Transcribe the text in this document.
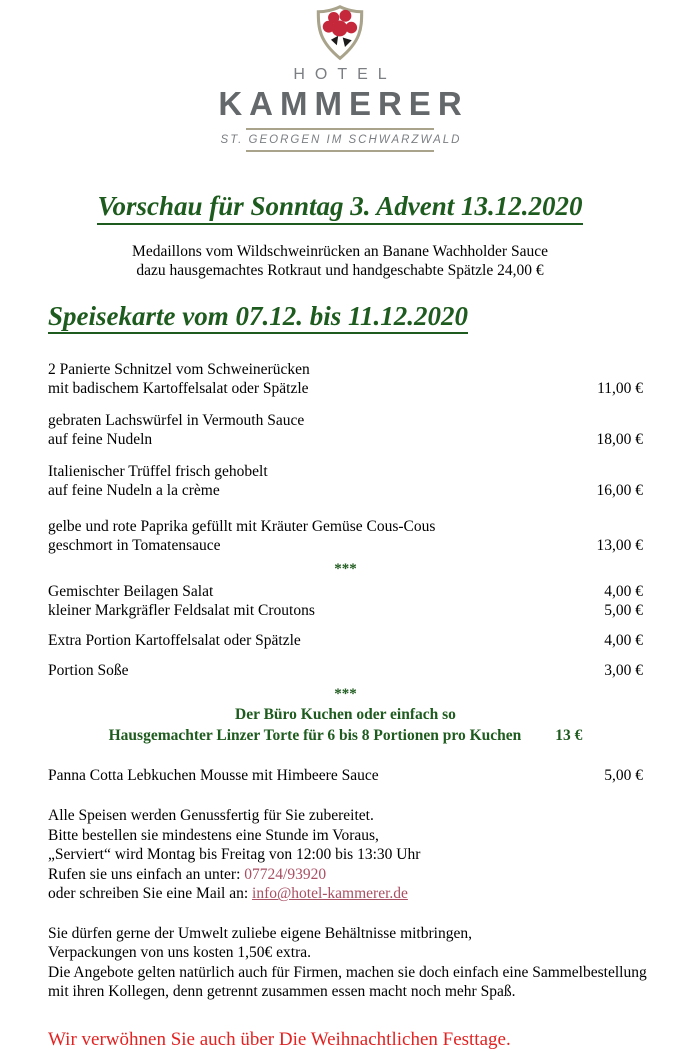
HOTEL
KAMMERER
ST. GEORGEN IM SCHWARZWALD
Vorschau für Sonntag 3. Advent 13.12.2020
Medaillons vom Wildschweinrücken an Banane Wachholder Sauce
dazu hausgemachtes Rotkraut und handgeschabte Spätzle 24,00 €
Speisekarte vom 07.12. bis 11.12.2020
2 Panierte Schnitzel vom Schweinerücken
mit badischem Kartoffelsalat oder Spätzle	11,00 €
gebraten Lachswürfel in Vermouth Sauce
auf feine Nudeln	18,00 €
Italienischer Trüffel frisch gehobelt
auf feine Nudeln a la crème	16,00 €
gelbe und rote Paprika gefüllt mit Kräuter Gemüse Cous-Cous
geschmort in Tomatensauce	13,00 €
***
Gemischter Beilagen Salat	4,00 €
kleiner Markgräfler Feldsalat mit Croutons	5,00 €
Extra Portion Kartoffelsalat oder Spätzle	4,00 €
Portion Soße	3,00 €
***
Der Büro Kuchen oder einfach so
Hausgemachter Linzer Torte für 6 bis 8 Portionen pro Kuchen 13 €
Panna Cotta Lebkuchen Mousse mit Himbeere Sauce	5,00 €
Alle Speisen werden Genussfertig für Sie zubereitet.
Bitte bestellen sie mindestens eine Stunde im Voraus,
„Serviert“ wird Montag bis Freitag von 12:00 bis 13:30 Uhr
Rufen sie uns einfach an unter: 07724/93920
oder schreiben Sie eine Mail an: info@hotel-kammerer.de
Sie dürfen gerne der Umwelt zuliebe eigene Behältnisse mitbringen,
Verpackungen von uns kosten 1,50€ extra.
Die Angebote gelten natürlich auch für Firmen, machen sie doch einfach eine Sammelbestellung
mit ihren Kollegen, denn getrennt zusammen essen macht noch mehr Spaß.
Wir verwöhnen Sie auch über Die Weihnachtlichen Festtage.
